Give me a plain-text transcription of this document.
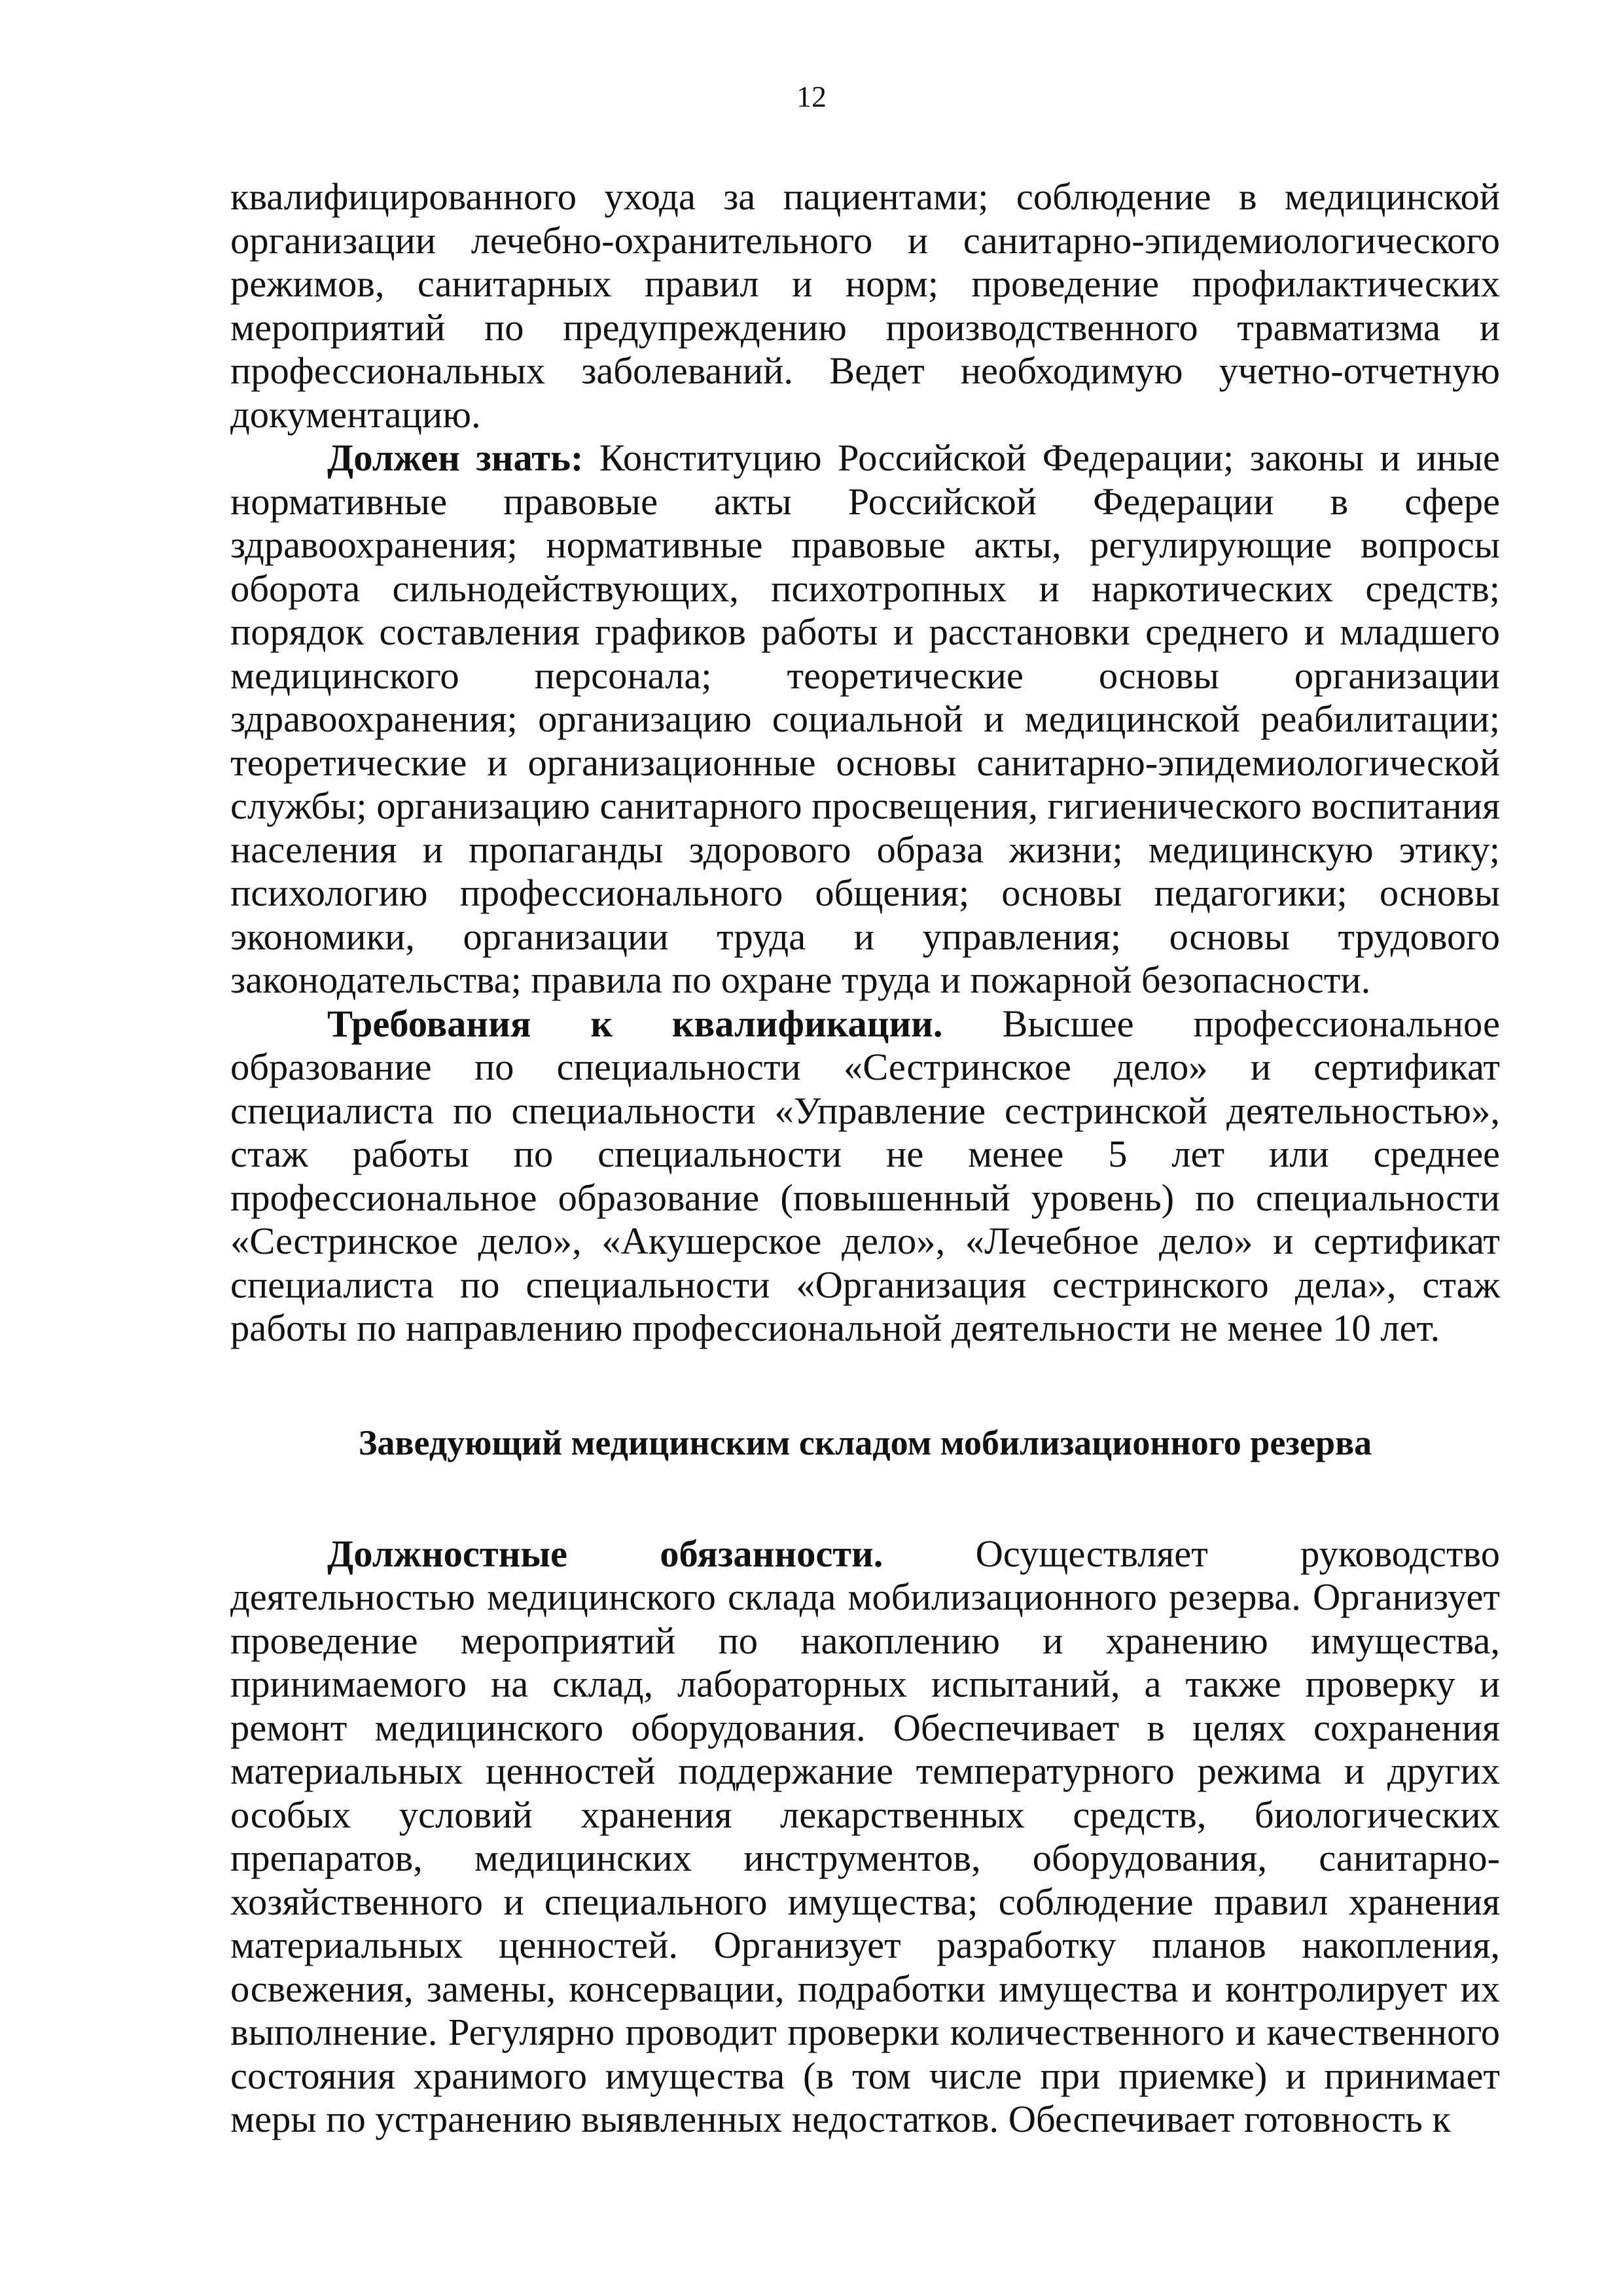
12

квалифицированного ухода за пациентами; соблюдение в медицинской организации лечебно-охранительного и санитарно-эпидемиологического режимов, санитарных правил и норм; проведение профилактических мероприятий по предупреждению производственного травматизма и профессиональных заболеваний. Ведет необходимую учетно-отчетную документацию.

Должен знать: Конституцию Российской Федерации; законы и иные нормативные правовые акты Российской Федерации в сфере здравоохранения; нормативные правовые акты, регулирующие вопросы оборота сильнодействующих, психотропных и наркотических средств; порядок составления графиков работы и расстановки среднего и младшего медицинского персонала; теоретические основы организации здравоохранения; организацию социальной и медицинской реабилитации; теоретические и организационные основы санитарно-эпидемиологической службы; организацию санитарного просвещения, гигиенического воспитания населения и пропаганды здорового образа жизни; медицинскую этику; психологию профессионального общения; основы педагогики; основы экономики, организации труда и управления; основы трудового законодательства; правила по охране труда и пожарной безопасности.

Требования к квалификации. Высшее профессиональное образование по специальности «Сестринское дело» и сертификат специалиста по специальности «Управление сестринской деятельностью», стаж работы по специальности не менее 5 лет или среднее профессиональное образование (повышенный уровень) по специальности «Сестринское дело», «Акушерское дело», «Лечебное дело» и сертификат специалиста по специальности «Организация сестринского дела», стаж работы по направлению профессиональной деятельности не менее 10 лет.

Заведующий медицинским складом мобилизационного резерва

Должностные обязанности. Осуществляет руководство деятельностью медицинского склада мобилизационного резерва. Организует проведение мероприятий по накоплению и хранению имущества, принимаемого на склад, лабораторных испытаний, а также проверку и ремонт медицинского оборудования. Обеспечивает в целях сохранения материальных ценностей поддержание температурного режима и других особых условий хранения лекарственных средств, биологических препаратов, медицинских инструментов, оборудования, санитарно-хозяйственного и специального имущества; соблюдение правил хранения материальных ценностей. Организует разработку планов накопления, освежения, замены, консервации, подработки имущества и контролирует их выполнение. Регулярно проводит проверки количественного и качественного состояния хранимого имущества (в том числе при приемке) и принимает меры по устранению выявленных недостатков. Обеспечивает готовность к
